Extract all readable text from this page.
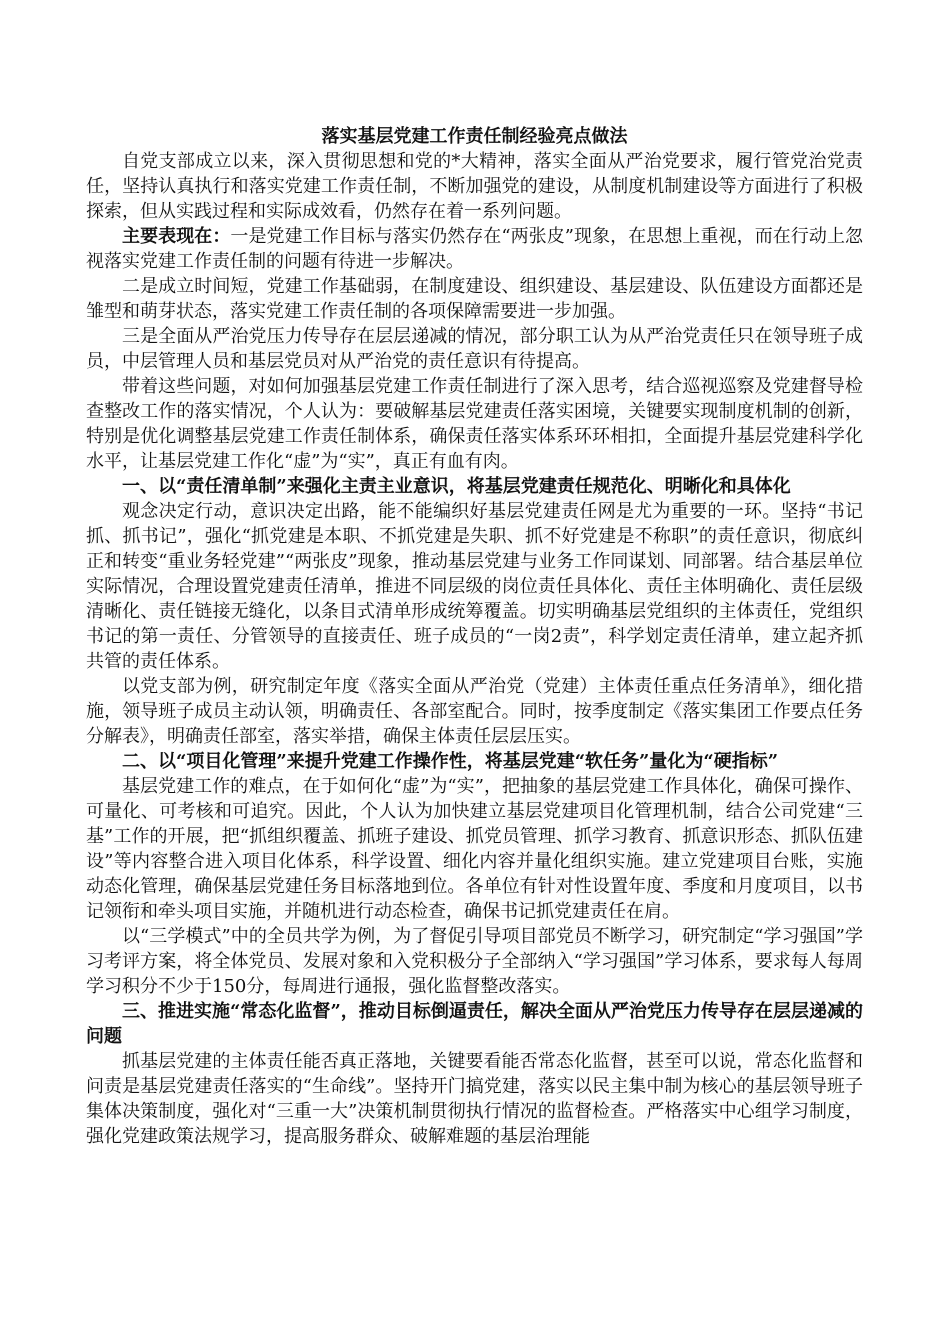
落实基层党建工作责任制经验亮点做法

自党支部成立以来，深入贯彻思想和党的*大精神，落实全面从严治党要求，履行管党治党责任，坚持认真执行和落实党建工作责任制，不断加强党的建设，从制度机制建设等方面进行了积极探索，但从实践过程和实际成效看，仍然存在着一系列问题。

主要表现在：一是党建工作目标与落实仍然存在“两张皮”现象，在思想上重视，而在行动上忽视落实党建工作责任制的问题有待进一步解决。

二是成立时间短，党建工作基础弱，在制度建设、组织建设、基层建设、队伍建设方面都还是雏型和萌芽状态，落实党建工作责任制的各项保障需要进一步加强。

三是全面从严治党压力传导存在层层递减的情况，部分职工认为从严治党责任只在领导班子成员，中层管理人员和基层党员对从严治党的责任意识有待提高。

带着这些问题，对如何加强基层党建工作责任制进行了深入思考，结合巡视巡察及党建督导检查整改工作的落实情况，个人认为：要破解基层党建责任落实困境，关键要实现制度机制的创新，特别是优化调整基层党建工作责任制体系，确保责任落实体系环环相扣，全面提升基层党建科学化水平，让基层党建工作化“虚”为“实”，真正有血有肉。

一、以“责任清单制”来强化主责主业意识，将基层党建责任规范化、明晰化和具体化

观念决定行动，意识决定出路，能不能编织好基层党建责任网是尤为重要的一环。坚持“书记抓、抓书记”，强化“抓党建是本职、不抓党建是失职、抓不好党建是不称职”的责任意识，彻底纠正和转变“重业务轻党建”“两张皮”现象，推动基层党建与业务工作同谋划、同部署。结合基层单位实际情况，合理设置党建责任清单，推进不同层级的岗位责任具体化、责任主体明确化、责任层级清晰化、责任链接无缝化，以条目式清单形成统筹覆盖。切实明确基层党组织的主体责任，党组织书记的第一责任、分管领导的直接责任、班子成员的“一岗2责”，科学划定责任清单，建立起齐抓共管的责任体系。

以党支部为例，研究制定年度《落实全面从严治党（党建）主体责任重点任务清单》，细化措施，领导班子成员主动认领，明确责任、各部室配合。同时，按季度制定《落实集团工作要点任务分解表》，明确责任部室，落实举措，确保主体责任层层压实。

二、以“项目化管理”来提升党建工作操作性，将基层党建“软任务”量化为“硬指标”

基层党建工作的难点，在于如何化“虚”为“实”，把抽象的基层党建工作具体化，确保可操作、可量化、可考核和可追究。因此，个人认为加快建立基层党建项目化管理机制，结合公司党建“三基”工作的开展，把“抓组织覆盖、抓班子建设、抓党员管理、抓学习教育、抓意识形态、抓队伍建设”等内容整合进入项目化体系，科学设置、细化内容并量化组织实施。建立党建项目台账，实施动态化管理，确保基层党建任务目标落地到位。各单位有针对性设置年度、季度和月度项目，以书记领衔和牵头项目实施，并随机进行动态检查，确保书记抓党建责任在肩。

以“三学模式”中的全员共学为例，为了督促引导项目部党员不断学习，研究制定“学习强国”学习考评方案，将全体党员、发展对象和入党积极分子全部纳入“学习强国”学习体系，要求每人每周学习积分不少于150分，每周进行通报，强化监督整改落实。

三、推进实施“常态化监督”，推动目标倒逼责任，解决全面从严治党压力传导存在层层递减的问题

抓基层党建的主体责任能否真正落地，关键要看能否常态化监督，甚至可以说，常态化监督和问责是基层党建责任落实的“生命线”。坚持开门搞党建，落实以民主集中制为核心的基层领导班子集体决策制度，强化对“三重一大”决策机制贯彻执行情况的监督检查。严格落实中心组学习制度，强化党建政策法规学习，提高服务群众、破解难题的基层治理能
